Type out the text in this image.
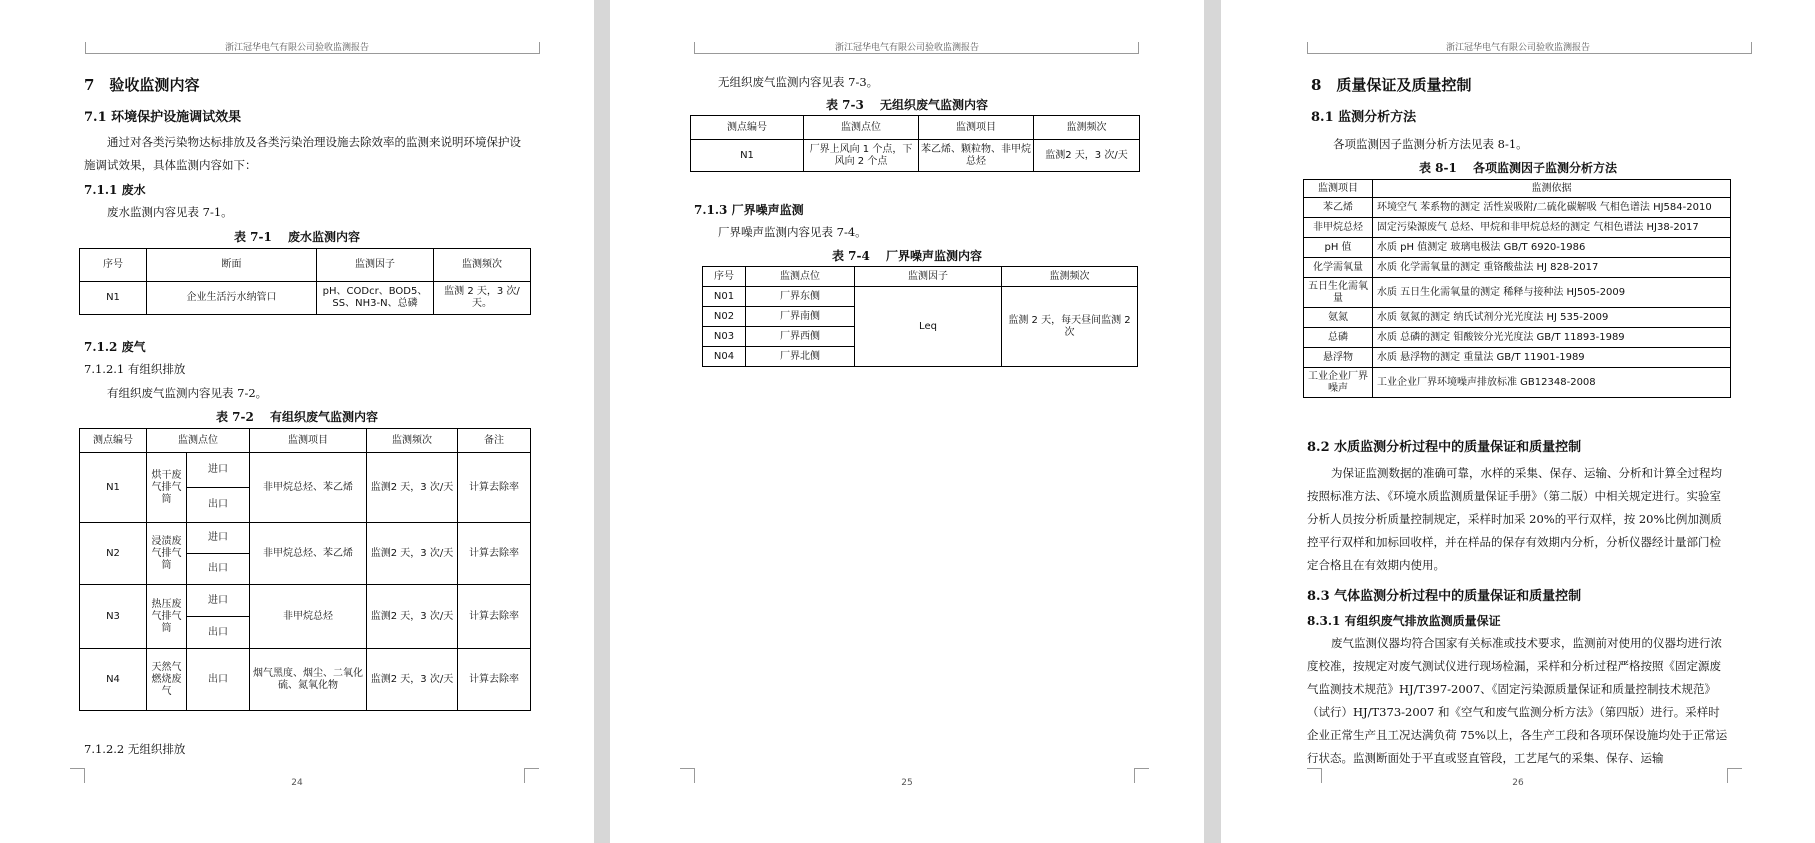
浙江冠华电气有限公司验收监测报告
24
7　验收监测内容
7.1 环境保护设施调试效果
通过对各类污染物达标排放及各类污染治理设施去除效率的监测来说明环境保护设施调试效果，具体监测内容如下：
7.1.1 废水
废水监测内容见表 7-1。
表 7-1　 废水监测内容
序号	断面	监测因子	监测频次
N1	企业生活污水纳管口	pH、CODcr、BOD5、SS、NH3-N、总磷	监测 2 天，3 次/天。
7.1.2 废气
7.1.2.1 有组织排放
有组织废气监测内容见表 7-2。
表 7-2　 有组织废气监测内容
测点编号	监测点位		监测项目	监测频次	备注
N1	烘干废气排气筒	进口	非甲烷总烃、苯乙烯	监测2 天，3 次/天	计算去除率
		出口			
N2	浸渍废气排气筒	进口	非甲烷总烃、苯乙烯	监测2 天，3 次/天	计算去除率
		出口			
N3	热压废气排气筒	进口	非甲烷总烃	监测2 天，3 次/天	计算去除率
		出口			
N4	天然气燃烧废气	出口	烟气黑度、烟尘、二氧化硫、氮氧化物	监测2 天，3 次/天	计算去除率
7.1.2.2 无组织排放
浙江冠华电气有限公司验收监测报告
25
无组织废气监测内容见表 7-3。
表 7-3　 无组织废气监测内容
测点编号	监测点位	监测项目	监测频次
N1	厂界上风向 1 个点，下风向 2 个点	苯乙烯、颗粒物、非甲烷总烃	监测2 天，3 次/天
7.1.3 厂界噪声监测
厂界噪声监测内容见表 7-4。
表 7-4　 厂界噪声监测内容
序号	监测点位	监测因子	监测频次
N01	厂界东侧	Leq	监测 2 天，每天昼间监测 2 次
N02	厂界南侧		
N03	厂界西侧		
N04	厂界北侧		
浙江冠华电气有限公司验收监测报告
26
8　质量保证及质量控制
8.1 监测分析方法
各项监测因子监测分析方法见表 8-1。
表 8-1　 各项监测因子监测分析方法
监测项目	监测依据
苯乙烯	环境空气 苯系物的测定 活性炭吸附/二硫化碳解吸 气相色谱法 HJ584-2010
非甲烷总烃	固定污染源废气 总烃、甲烷和非甲烷总烃的测定 气相色谱法 HJ38-2017
pH 值	水质 pH 值测定 玻璃电极法 GB/T 6920-1986
化学需氧量	水质 化学需氧量的测定 重铬酸盐法 HJ 828-2017
五日生化需氧量	水质 五日生化需氧量的测定 稀释与接种法 HJ505-2009
氨氮	水质 氨氮的测定 纳氏试剂分光光度法 HJ 535-2009
总磷	水质 总磷的测定 钼酸铵分光光度法 GB/T 11893-1989
悬浮物	水质 悬浮物的测定 重量法 GB/T 11901-1989
工业企业厂界噪声	工业企业厂界环境噪声排放标准 GB12348-2008
8.2 水质监测分析过程中的质量保证和质量控制
为保证监测数据的准确可靠，水样的采集、保存、运输、分析和计算全过程均按照标准方法、《环境水质监测质量保证手册》（第二版）中相关规定进行。实验室分析人员按分析质量控制规定，采样时加采 20%的平行双样，按 20%比例加测质控平行双样和加标回收样，并在样品的保存有效期内分析，分析仪器经计量部门检定合格且在有效期内使用。
8.3 气体监测分析过程中的质量保证和质量控制
8.3.1 有组织废气排放监测质量保证
废气监测仪器均符合国家有关标准或技术要求，监测前对使用的仪器均进行浓度校准，按规定对废气测试仪进行现场检漏，采样和分析过程严格按照《固定源废气监测技术规范》HJ/T397-2007、《固定污染源质量保证和质量控制技术规范》（试行）HJ/T373-2007 和《空气和废气监测分析方法》（第四版）进行。采样时企业正常生产且工况达满负荷 75%以上，各生产工段和各项环保设施均处于正常运行状态。监测断面处于平直或竖直管段，工艺尾气的采集、保存、运输
